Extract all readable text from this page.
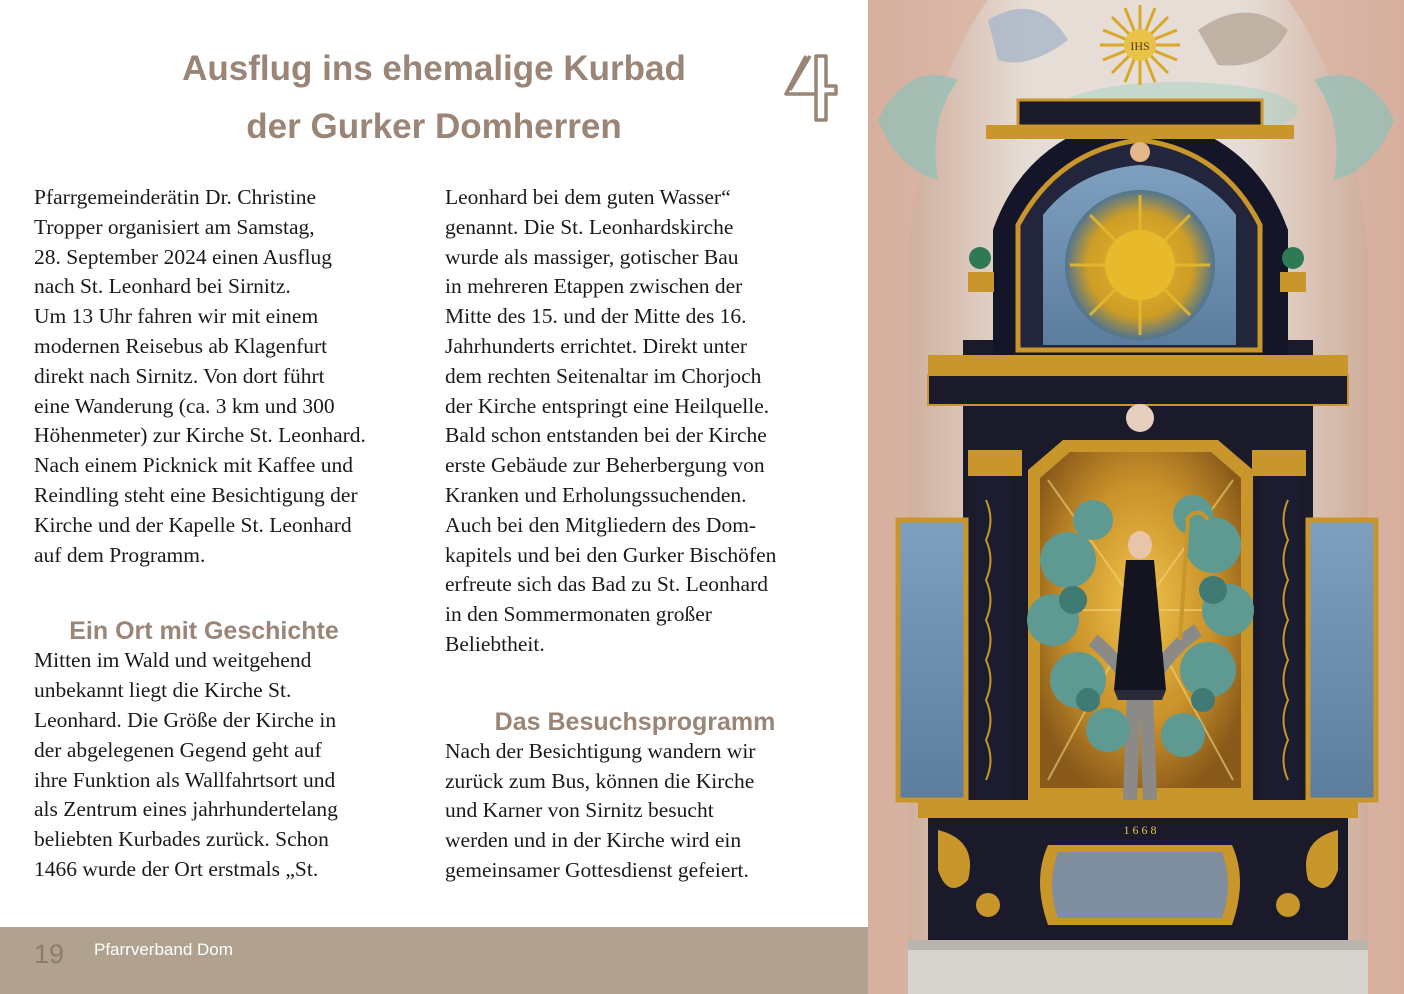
Ausflug ins ehemalige Kurbad
der Gurker Domherren

Pfarrgemeinderätin Dr. Christine
Tropper organisiert am Samstag,
28. September 2024 einen Ausflug
nach St. Leonhard bei Sirnitz.
Um 13 Uhr fahren wir mit einem
modernen Reisebus ab Klagenfurt
direkt nach Sirnitz. Von dort führt
eine Wanderung (ca. 3 km und 300
Höhenmeter) zur Kirche St. Leonhard.
Nach einem Picknick mit Kaffee und
Reindling steht eine Besichtigung der
Kirche und der Kapelle St. Leonhard
auf dem Programm.

Ein Ort mit Geschichte

Mitten im Wald und weitgehend
unbekannt liegt die Kirche St.
Leonhard. Die Größe der Kirche in
der abgelegenen Gegend geht auf
ihre Funktion als Wallfahrtsort und
als Zentrum eines jahrhundertelang
beliebten Kurbades zurück. Schon
1466 wurde der Ort erstmals „St.

Leonhard bei dem guten Wasser“
genannt. Die St. Leonhardskirche
wurde als massiger, gotischer Bau
in mehreren Etappen zwischen der
Mitte des 15. und der Mitte des 16.
Jahrhunderts errichtet. Direkt unter
dem rechten Seitenaltar im Chorjoch
der Kirche entspringt eine Heilquelle.
Bald schon entstanden bei der Kirche
erste Gebäude zur Beherbergung von
Kranken und Erholungssuchenden.
Auch bei den Mitgliedern des Dom-
kapitels und bei den Gurker Bischöfen
erfreute sich das Bad zu St. Leonhard
in den Sommermonaten großer
Beliebtheit.

Das Besuchsprogramm

Nach der Besichtigung wandern wir
zurück zum Bus, können die Kirche
und Karner von Sirnitz besucht
werden und in der Kirche wird ein
gemeinsamer Gottesdienst gefeiert.

19 Pfarrverband Dom
IHS
1 6 6 8
